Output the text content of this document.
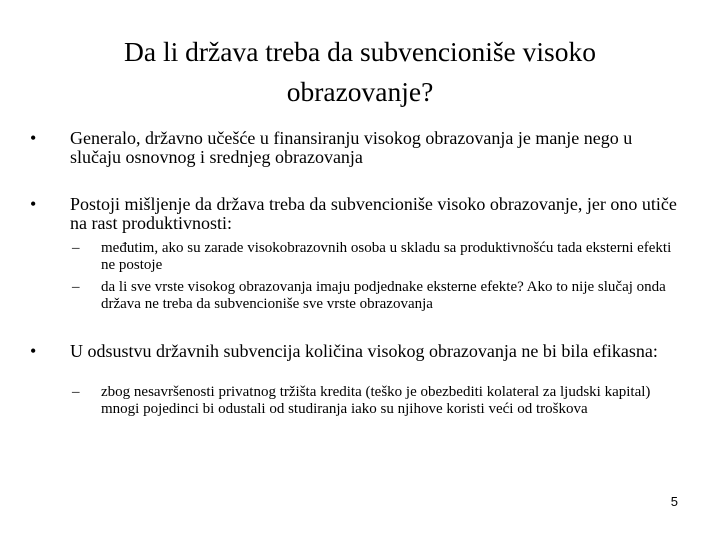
Da li država treba da subvencioniše visoko obrazovanje?
• Generalo, državno učešće u finansiranju visokog obrazovanja je manje nego u slučaju osnovnog i srednjeg obrazovanja
• Postoji mišljenje da država treba da subvencioniše visoko obrazovanje, jer ono utiče na rast produktivnosti:
– međutim, ako su zarade visokobrazovnih osoba u skladu sa produktivnošću tada eksterni efekti ne postoje
– da li sve vrste visokog obrazovanja imaju podjednake eksterne efekte? Ako to nije slučaj onda država ne treba da subvencioniše sve vrste obrazovanja
• U odsustvu državnih subvencija količina visokog obrazovanja ne bi bila efikasna:
– zbog nesavršenosti privatnog tržišta kredita (teško je obezbediti kolateral za ljudski kapital) mnogi pojedinci bi odustali od studiranja iako su njihove koristi veći od troškova
5
